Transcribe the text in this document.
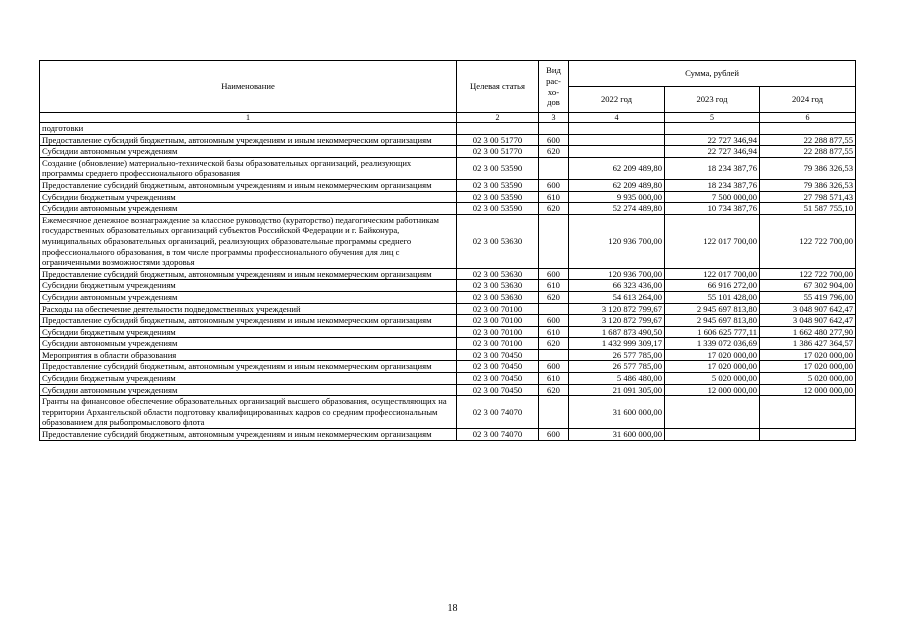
Наименование	Целевая статья	Вид рас- хо- дов	Сумма, рублей		
			2022 год	2023 год	2024 год
1	2	3	4	5	6
подготовки					
Предоставление субсидий бюджетным, автономным учреждениям и иным некоммерческим организациям	02 3 00 51770	600		22 727 346,94	22 288 877,55
Субсидии автономным учреждениям	02 3 00 51770	620		22 727 346,94	22 288 877,55
Создание (обновление) материально-технической базы образовательных организаций, реализующих программы среднего профессионального образования	02 3 00 53590		62 209 489,80	18 234 387,76	79 386 326,53
Предоставление субсидий бюджетным, автономным учреждениям и иным некоммерческим организациям	02 3 00 53590	600	62 209 489,80	18 234 387,76	79 386 326,53
Субсидии бюджетным учреждениям	02 3 00 53590	610	9 935 000,00	7 500 000,00	27 798 571,43
Субсидии автономным учреждениям	02 3 00 53590	620	52 274 489,80	10 734 387,76	51 587 755,10
Ежемесячное денежное вознаграждение за классное руководство (кураторство) педагогическим работникам государственных образовательных организаций субъектов Российской Федерации и г. Байконура, муниципальных образовательных организаций, реализующих образовательные программы среднего профессионального образования, в том числе программы профессионального обучения для лиц с ограниченными возможностями здоровья	02 3 00 53630		120 936 700,00	122 017 700,00	122 722 700,00
Предоставление субсидий бюджетным, автономным учреждениям и иным некоммерческим организациям	02 3 00 53630	600	120 936 700,00	122 017 700,00	122 722 700,00
Субсидии бюджетным учреждениям	02 3 00 53630	610	66 323 436,00	66 916 272,00	67 302 904,00
Субсидии автономным учреждениям	02 3 00 53630	620	54 613 264,00	55 101 428,00	55 419 796,00
Расходы на обеспечение деятельности подведомственных учреждений	02 3 00 70100		3 120 872 799,67	2 945 697 813,80	3 048 907 642,47
Предоставление субсидий бюджетным, автономным учреждениям и иным некоммерческим организациям	02 3 00 70100	600	3 120 872 799,67	2 945 697 813,80	3 048 907 642,47
Субсидии бюджетным учреждениям	02 3 00 70100	610	1 687 873 490,50	1 606 625 777,11	1 662 480 277,90
Субсидии автономным учреждениям	02 3 00 70100	620	1 432 999 309,17	1 339 072 036,69	1 386 427 364,57
Мероприятия в области образования	02 3 00 70450		26 577 785,00	17 020 000,00	17 020 000,00
Предоставление субсидий бюджетным, автономным учреждениям и иным некоммерческим организациям	02 3 00 70450	600	26 577 785,00	17 020 000,00	17 020 000,00
Субсидии бюджетным учреждениям	02 3 00 70450	610	5 486 480,00	5 020 000,00	5 020 000,00
Субсидии автономным учреждениям	02 3 00 70450	620	21 091 305,00	12 000 000,00	12 000 000,00
Гранты на финансовое обеспечение образовательных организаций высшего образования, осуществляющих на территории Архангельской области подготовку квалифицированных кадров со средним профессиональным образованием для рыбопромыслового флота	02 3 00 74070		31 600 000,00		
Предоставление субсидий бюджетным, автономным учреждениям и иным некоммерческим организациям	02 3 00 74070	600	31 600 000,00		
18
